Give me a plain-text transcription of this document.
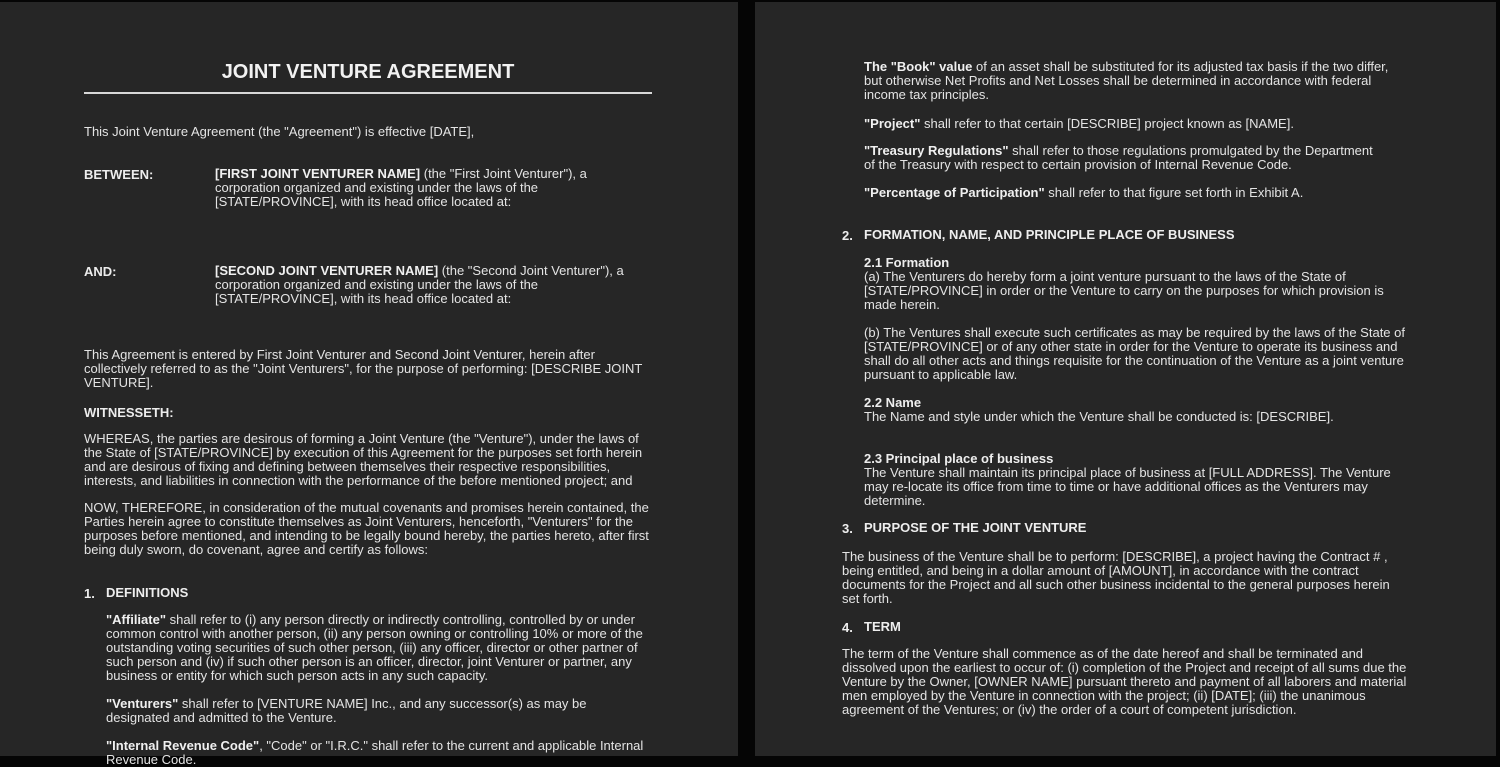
JOINT VENTURE AGREEMENT

This Joint Venture Agreement (the "Agreement") is effective [DATE],

BETWEEN:	[FIRST JOINT VENTURER NAME] (the "First Joint Venturer"), a corporation organized and existing under the laws of the [STATE/PROVINCE], with its head office located at:

AND:	[SECOND JOINT VENTURER NAME] (the "Second Joint Venturer"), a corporation organized and existing under the laws of the [STATE/PROVINCE], with its head office located at:

This Agreement is entered by First Joint Venturer and Second Joint Venturer, herein after collectively referred to as the "Joint Venturers", for the purpose of performing: [DESCRIBE JOINT VENTURE].

WITNESSETH:

WHEREAS, the parties are desirous of forming a Joint Venture (the "Venture"), under the laws of the State of [STATE/PROVINCE] by execution of this Agreement for the purposes set forth herein and are desirous of fixing and defining between themselves their respective responsibilities, interests, and liabilities in connection with the performance of the before mentioned project; and

NOW, THEREFORE, in consideration of the mutual covenants and promises herein contained, the Parties herein agree to constitute themselves as Joint Venturers, henceforth, "Venturers" for the purposes before mentioned, and intending to be legally bound hereby, the parties hereto, after first being duly sworn, do covenant, agree and certify as follows:

1. DEFINITIONS

"Affiliate" shall refer to (i) any person directly or indirectly controlling, controlled by or under common control with another person, (ii) any person owning or controlling 10% or more of the outstanding voting securities of such other person, (iii) any officer, director or other partner of such person and (iv) if such other person is an officer, director, joint Venturer or partner, any business or entity for which such person acts in any such capacity.

"Venturers" shall refer to [VENTURE NAME] Inc., and any successor(s) as may be designated and admitted to the Venture.

"Internal Revenue Code", "Code" or "I.R.C." shall refer to the current and applicable Internal Revenue Code.

The "Book" value of an asset shall be substituted for its adjusted tax basis if the two differ, but otherwise Net Profits and Net Losses shall be determined in accordance with federal income tax principles.

"Project" shall refer to that certain [DESCRIBE] project known as [NAME].

"Treasury Regulations" shall refer to those regulations promulgated by the Department of the Treasury with respect to certain provision of Internal Revenue Code.

"Percentage of Participation" shall refer to that figure set forth in Exhibit A.

2. FORMATION, NAME, AND PRINCIPLE PLACE OF BUSINESS
2.1 Formation

(a) The Venturers do hereby form a joint venture pursuant to the laws of the State of [STATE/PROVINCE] in order or the Venture to carry on the purposes for which provision is made herein.

(b) The Ventures shall execute such certificates as may be required by the laws of the State of [STATE/PROVINCE] or of any other state in order for the Venture to operate its business and shall do all other acts and things requisite for the continuation of the Venture as a joint venture pursuant to applicable law.

2.2 Name

The Name and style under which the Venture shall be conducted is: [DESCRIBE].

2.3 Principal place of business

The Venture shall maintain its principal place of business at [FULL ADDRESS]. The Venture may re-locate its office from time to time or have additional offices as the Venturers may determine.

3. PURPOSE OF THE JOINT VENTURE

The business of the Venture shall be to perform: [DESCRIBE], a project having the Contract # , being entitled, and being in a dollar amount of [AMOUNT], in accordance with the contract documents for the Project and all such other business incidental to the general purposes herein set forth.

4. TERM

The term of the Venture shall commence as of the date hereof and shall be terminated and dissolved upon the earliest to occur of: (i) completion of the Project and receipt of all sums due the Venture by the Owner, [OWNER NAME] pursuant thereto and payment of all laborers and material men employed by the Venture in connection with the project; (ii) [DATE]; (iii) the unanimous agreement of the Ventures; or (iv) the order of a court of competent jurisdiction.
